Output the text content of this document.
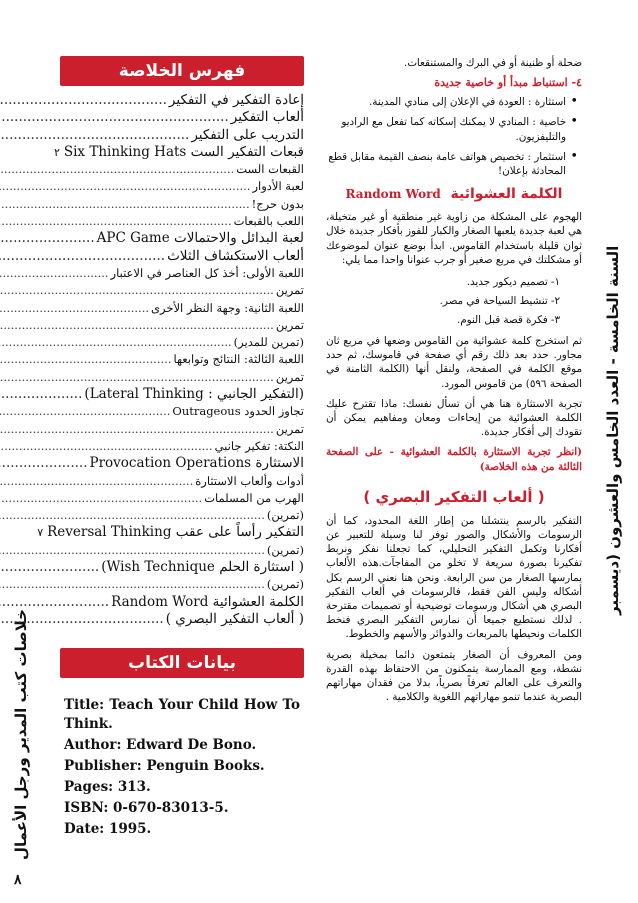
السنة الخامسة - العدد الخامس والعشرون (ديسمبر
خلاصات كتب المدير ورجل الأعمال
٨
فهرس الخلاصة
إعادة التفكير في التفكير
.....
ألعاب التفكير
.....
التدريب على التفكير
.....
قبعات التفكير الست Six Thinking Hats
٢
القبعات الست
.....
لعبة الأدوار
.....
بدون حرج!
.....
اللعب بالقبعات
.....
لعبة البدائل والاحتمالات APC Game
.....
ألعاب الاستكشاف الثلاث
.....
اللعبة الأولى: أخذ كل العناصر في الاعتبار
.....
تمرين
.....
اللعبة الثانية: وجهة النظر الأخرى
.....
تمرين
.....
(تمرين للمدير)
.....
اللعبة الثالثة: النتائج وتوابعها
.....
تمرين
.....
(التفكير الجانبي : Lateral Thinking)
.....
تجاوز الحدود Outrageous
.....
تمرين
.....
النكتة: تفكير جانبي
.....
الاستثارة Provocation Operations
.....
أدوات وألعاب الاستثارة
.....
الهرب من المسلمات
.....
(تمرين)
.....
التفكير رأساً على عقب Reversal Thinking
٧
(تمرين)
.....
( استثارة الحلم Wish Technique)
.....
(تمرين)
.....
الكلمة العشوائية Random Word
.....
( ألعاب التفكير البصري )
.....
بيانات الكتاب
Title: Teach Your Child How To Think.
Author: Edward De Bono.
Publisher: Penguin Books.
Pages: 313.
ISBN: 0-670-83013-5.
Date: 1995.

ضحلة أو ظنينة أو في البرك والمستنقعات.

٤- استنباط مبدأ أو خاصية جديدة
• استثارة : العودة في الإعلان إلى منادي المدينة.
• خاصية : المنادي لا يمكنك إسكاته كما تفعل مع الراديو والتليفزيون.
• استثمار : تخصيص هواتف عامة بنصف القيمة مقابل قطع المحادثة بإعلان!
الكلمة العشوائية  Random Word

الهجوم على المشكلة من زاوية غير منطقية أو غير متخيلة، هي لعبة جديدة يلعبها الصغار والكبار للفوز بأفكار جديدة خلال ثوان قليلة باستخدام القاموس. ابدأ بوضع عنوان لموضوعك أو مشكلتك في مربع صغير أو جرب عنوانا واحدا مما يلي:

١- تصميم ديكور جديد.
٢- تنشيط السياحة في مصر.
٣- فكرة قصة قبل النوم.

ثم استخرج كلمة عشوائية من القاموس وضعها في مربع ثان مجاور. حدد بعد ذلك رقم أي صفحة في قاموسك، ثم حدد موقع الكلمة في الصفحة، ولنقل أنها (الكلمة الثامنة في الصفحة ٥٩٦) من قاموس المورد.

تجربة الاستثارة هنا هي أن تسأل نفسك: ماذا تقترح عليك الكلمة العشوائية من إيحاءات ومعان ومفاهيم يمكن أن تقودك إلى أفكار جديدة.

(انظر تجربة الاستثارة بالكلمة العشوائية - على الصفحة الثالثة من هذه الخلاصة)

( ألعاب التفكير البصري )

التفكير بالرسم ينتشلنا من إطار اللغة المحدود، كما أن الرسومات والأشكال والصور توفر لنا وسيلة للتعبير عن أفكارنا وتكمل التفكير التحليلي، كما تجعلنا نفكر ونربط تفكيرنا بصورة سريعة لا تخلو من المفاجآت.هذه الألعاب يمارسها الصغار من سن الرابعة. ونحن هنا نعني الرسم بكل أشكاله وليس الفن فقط، فالرسومات في ألعاب التفكير البصري هي أشكال ورسومات توضيحية أو تصميمات مقترحة . لذلك نستطيع جميعا أن نمارس التفكير البصري فنخط الكلمات ونحيطها بالمربعات والدوائر والأسهم والخطوط.

ومن المعروف أن الصغار يتمتعون دائما بمخيلة بصرية نشطة، ومع الممارسة يتمكنون من الاحتفاظ بهذه القدرة والتعرف على العالم تعرفاً بصرياً، بدلا من فقدان مهاراتهم البصرية عندما تنمو مهاراتهم اللغوية والكلامية .
